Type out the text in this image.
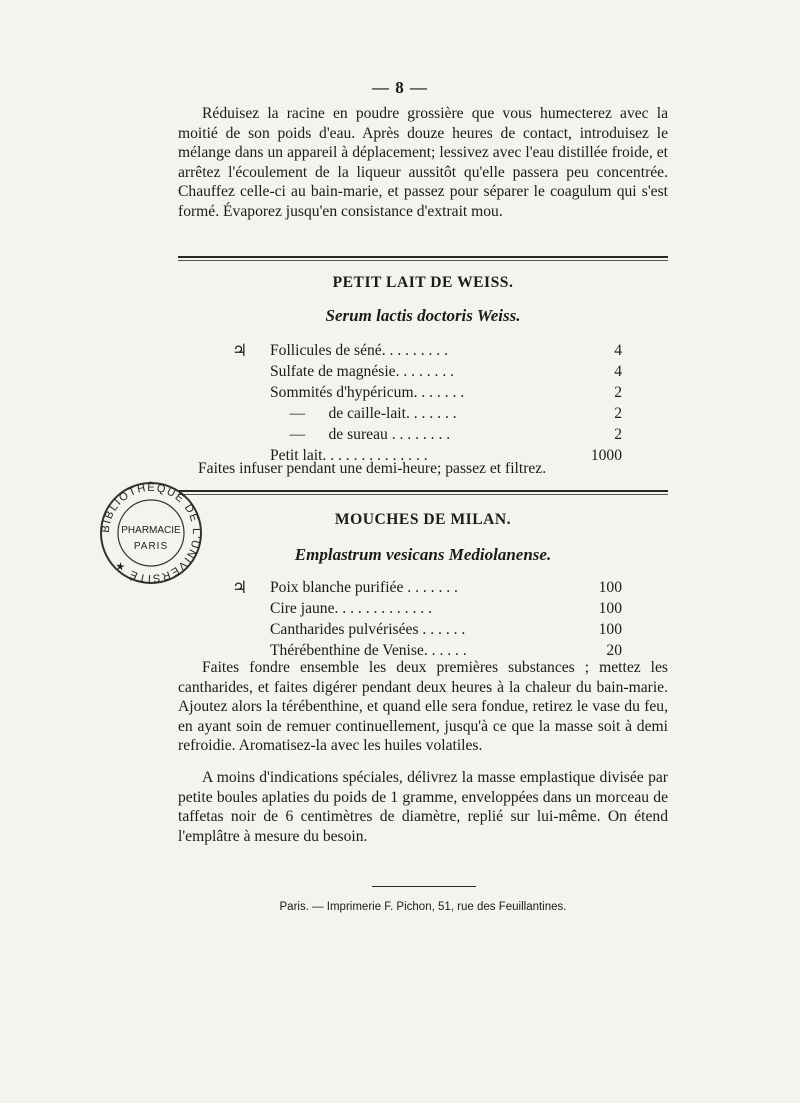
— 8 —

Réduisez la racine en poudre grossière que vous humecterez avec la moitié de son poids d'eau. Après douze heures de contact, introduisez le mélange dans un appareil à déplacement; lessivez avec l'eau distillée froide, et arrêtez l'écoulement de la liqueur aussitôt qu'elle passera peu concentrée. Chauffez celle-ci au bain-marie, et passez pour séparer le coagulum qui s'est formé. Évaporez jusqu'en consistance d'extrait mou.

PETIT LAIT DE WEISS.
Serum lactis doctoris Weiss.
♃ Follicules de séné. . . . . . . . .	4
Sulfate de magnésie. . . . . . . .	4
Sommités d'hypéricum. . . . . . .	2
—      de caille-lait. . . . . . .	2
—      de sureau . . . . . . . .	2
Petit lait. . . . . . . . . . . . . .	1000

Faites infuser pendant une demi-heure; passez et filtrez.

BIBLIOTHÈQUE DE L'UNIVERSITÉ ★
PHARMACIE
PARIS
MOUCHES DE MILAN.
Emplastrum vesicans Mediolanense.
♃ Poix blanche purifiée . . . . . . .	100
Cire jaune. . . . . . . . . . . . .	100
Cantharides pulvérisées . . . . . .	100
Thérébenthine de Venise. . . . . .	20

Faites fondre ensemble les deux premières substances ; mettez les cantharides, et faites digérer pendant deux heures à la chaleur du bain-marie. Ajoutez alors la térébenthine, et quand elle sera fondue, retirez le vase du feu, en ayant soin de remuer continuellement, jusqu'à ce que la masse soit à demi refroidie. Aromatisez-la avec les huiles volatiles.

A moins d'indications spéciales, délivrez la masse emplastique divisée par petite boules aplaties du poids de 1 gramme, enveloppées dans un morceau de taffetas noir de 6 centimètres de diamètre, replié sur lui-même. On étend l'emplâtre à mesure du besoin.

Paris. — Imprimerie F. Pichon, 51, rue des Feuillantines.
